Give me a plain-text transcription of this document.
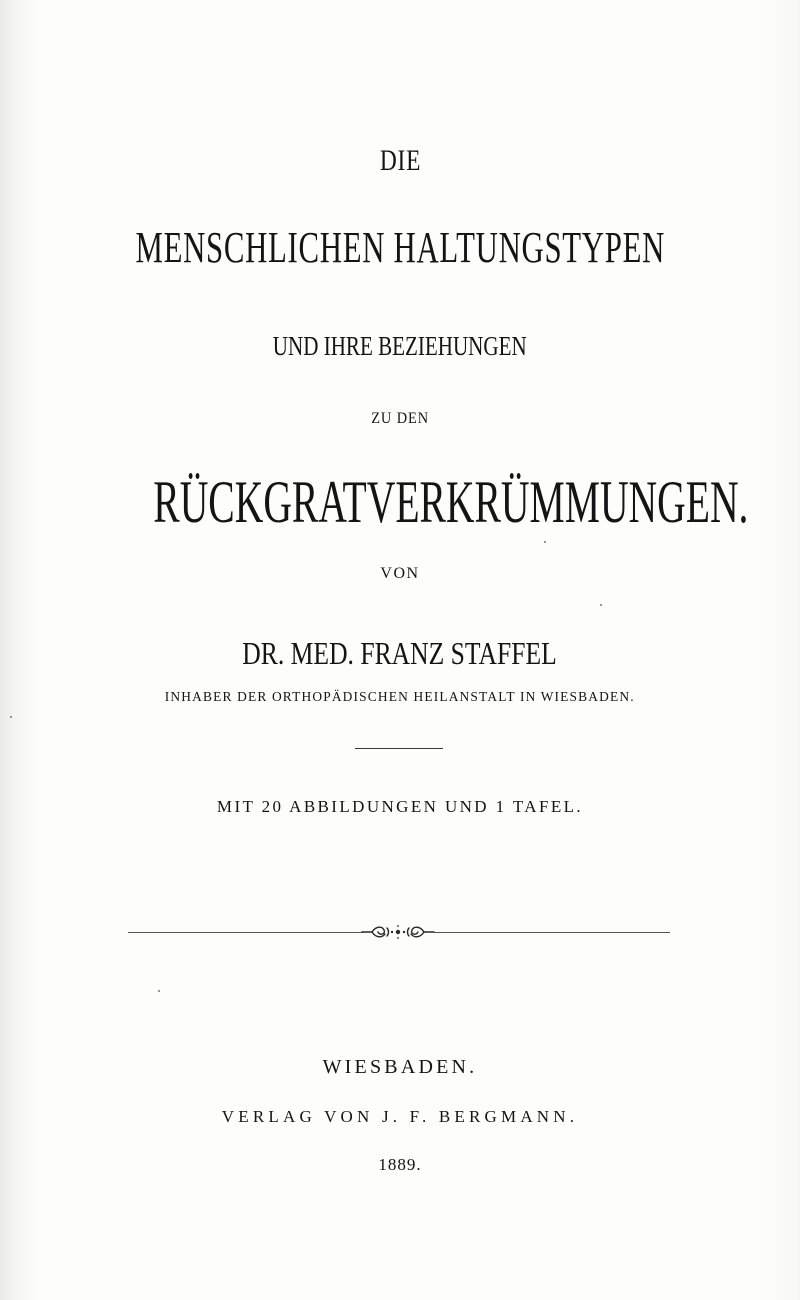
DIE
MENSCHLICHEN HALTUNGSTYPEN
UND IHRE BEZIEHUNGEN
ZU DEN
RÜCKGRATVERKRÜMMUNGEN.
VON
DR. MED. FRANZ STAFFEL
INHABER DER ORTHOPÄDISCHEN HEILANSTALT IN WIESBADEN.
MIT 20 ABBILDUNGEN UND 1 TAFEL.
WIESBADEN.
VERLAG VON J. F. BERGMANN.
1889.
